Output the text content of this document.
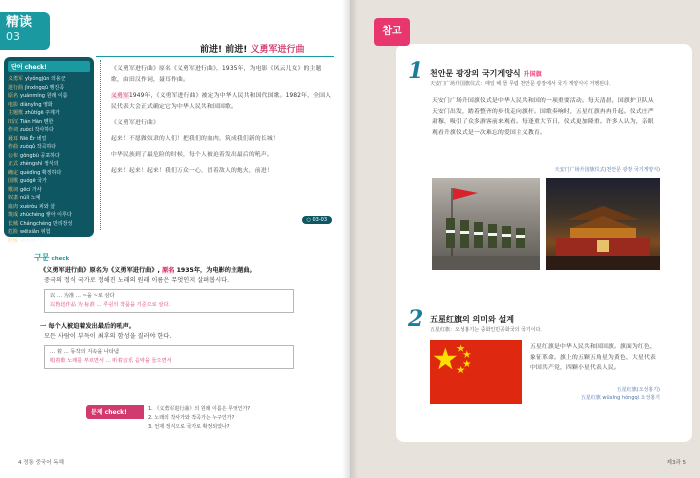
精读
03
前进! 前进! 义勇军进行曲
단어 check!
义勇军 yìyǒngjūn 의용군
进行曲 jìnxíngqǔ 행진곡
原名 yuánmíng 원래 이름
电影 diànyǐng 영화
主题歌 zhǔtígē 주제가
田汉 Tián Hàn 톈한
作词 zuòcí 작사하다
聂耳 Niè Ěr 녜얼
作曲 zuòqǔ 작곡하다
公布 gōngbù 공포하다
正式 zhèngshì 정식의
确定 quèdìng 확정하다
国歌 guógē 국가
歌词 gēcí 가사
奴隶 núlì 노예
血肉 xuèròu 피와 살
筑成 zhùchéng 쌓아 이루다
长城 Chángchéng 만리장성
危险 wēixiǎn 위험
时候 shíhou 때

《义勇军进行曲》原名《义勇军进行曲》，1935年，为电影《风云儿女》的主题歌，由田汉作词，聂耳作曲。

义勇军1949年，《义勇军进行曲》被定为中华人民共和国代国歌。1982年，全国人民代表大会正式确定它为中华人民共和国国歌。

《义勇军进行曲》

起来！不愿做奴隶的人们！把我们的血肉，筑成我们新的长城！

中华民族到了最危险的时候，每个人被迫着发出最后的吼声。

起来！起来！起来！我们万众一心，冒着敌人的炮火，前进！

○ 03-03
구문 check
《义勇军进行曲》原名为《义勇军进行曲》, 原名 1935年，为电影的主题曲。
중국의 정식 국가로 정해진 노래의 원래 이름은 무엇인지 살펴봅시다.
以 … 为准 … ~을 ~로 삼다
以鲁迅作品 为 标准 … 루쉰의 작품을 기준으로 삼다.
一 每个人被迫着发出最后的吼声。
모든 사람이 부득이 최후의 함성을 질러야 한다.
… 着 … 동작의 지속을 나타냄
唱着歌 노래를 부르면서 … 听着音乐 음악을 들으면서
문제 check!	1. 《义勇军进行曲》의 원래 이름은 무엇인가?
2. 노래의 작사가와 작곡가는 누구인가?
3. 언제 정식으로 국가로 확정되었나?
4 정통 중국어 독해
참고
1 천안문 광장의 국기게양식 升国旗
天安门广场升国旗仪式：매일 해 뜰 무렵 천안문 광장에서 국기 게양식이 거행된다.
天安门广场升国旗仪式是中华人民共和国的一项重要活动。每天清晨，国旗护卫队从天安门出发，踏着整齐的步伐走向旗杆。国歌奏响时，五星红旗冉冉升起。仪式庄严肃穆，吸引了众多游客前来观看。每逢重大节日，仪式更加隆重。许多人认为，亲眼观看升旗仪式是一次难忘的爱国主义教育。
天安门广场升国旗仪式(천안문 광장 국기게양식)
2 五星红旗의 의미와 설계
五星红旗：오성홍기는 중화인민공화국의 국기이다.
五星红旗是中华人民共和国国旗。旗面为红色，象征革命。旗上的五颗五角星为黄色，大星代表中国共产党，四颗小星代表人民。
五星红旗(오성홍기)
五星红旗 wǔxīng hóngqí 오성홍기
제3과 5
